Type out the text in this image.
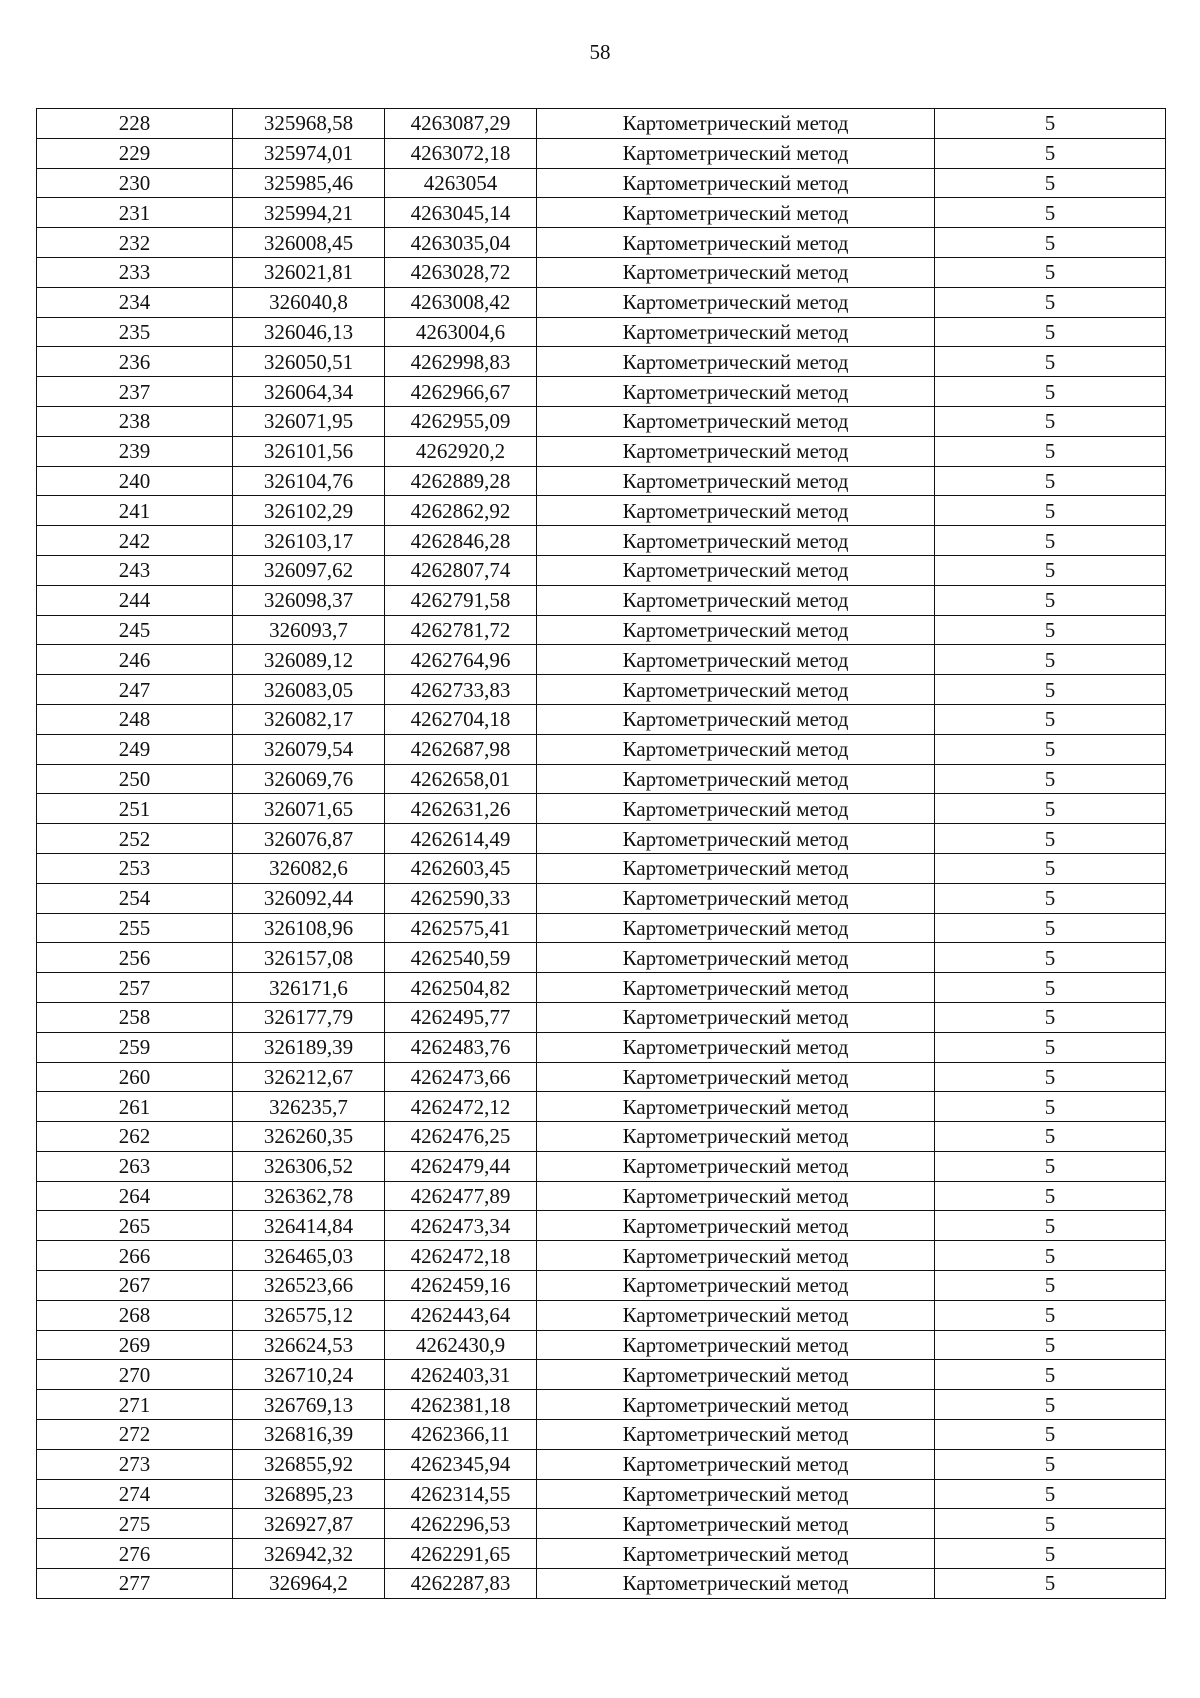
58
228	325968,58	4263087,29	Картометрический метод	5
229	325974,01	4263072,18	Картометрический метод	5
230	325985,46	4263054	Картометрический метод	5
231	325994,21	4263045,14	Картометрический метод	5
232	326008,45	4263035,04	Картометрический метод	5
233	326021,81	4263028,72	Картометрический метод	5
234	326040,8	4263008,42	Картометрический метод	5
235	326046,13	4263004,6	Картометрический метод	5
236	326050,51	4262998,83	Картометрический метод	5
237	326064,34	4262966,67	Картометрический метод	5
238	326071,95	4262955,09	Картометрический метод	5
239	326101,56	4262920,2	Картометрический метод	5
240	326104,76	4262889,28	Картометрический метод	5
241	326102,29	4262862,92	Картометрический метод	5
242	326103,17	4262846,28	Картометрический метод	5
243	326097,62	4262807,74	Картометрический метод	5
244	326098,37	4262791,58	Картометрический метод	5
245	326093,7	4262781,72	Картометрический метод	5
246	326089,12	4262764,96	Картометрический метод	5
247	326083,05	4262733,83	Картометрический метод	5
248	326082,17	4262704,18	Картометрический метод	5
249	326079,54	4262687,98	Картометрический метод	5
250	326069,76	4262658,01	Картометрический метод	5
251	326071,65	4262631,26	Картометрический метод	5
252	326076,87	4262614,49	Картометрический метод	5
253	326082,6	4262603,45	Картометрический метод	5
254	326092,44	4262590,33	Картометрический метод	5
255	326108,96	4262575,41	Картометрический метод	5
256	326157,08	4262540,59	Картометрический метод	5
257	326171,6	4262504,82	Картометрический метод	5
258	326177,79	4262495,77	Картометрический метод	5
259	326189,39	4262483,76	Картометрический метод	5
260	326212,67	4262473,66	Картометрический метод	5
261	326235,7	4262472,12	Картометрический метод	5
262	326260,35	4262476,25	Картометрический метод	5
263	326306,52	4262479,44	Картометрический метод	5
264	326362,78	4262477,89	Картометрический метод	5
265	326414,84	4262473,34	Картометрический метод	5
266	326465,03	4262472,18	Картометрический метод	5
267	326523,66	4262459,16	Картометрический метод	5
268	326575,12	4262443,64	Картометрический метод	5
269	326624,53	4262430,9	Картометрический метод	5
270	326710,24	4262403,31	Картометрический метод	5
271	326769,13	4262381,18	Картометрический метод	5
272	326816,39	4262366,11	Картометрический метод	5
273	326855,92	4262345,94	Картометрический метод	5
274	326895,23	4262314,55	Картометрический метод	5
275	326927,87	4262296,53	Картометрический метод	5
276	326942,32	4262291,65	Картометрический метод	5
277	326964,2	4262287,83	Картометрический метод	5
